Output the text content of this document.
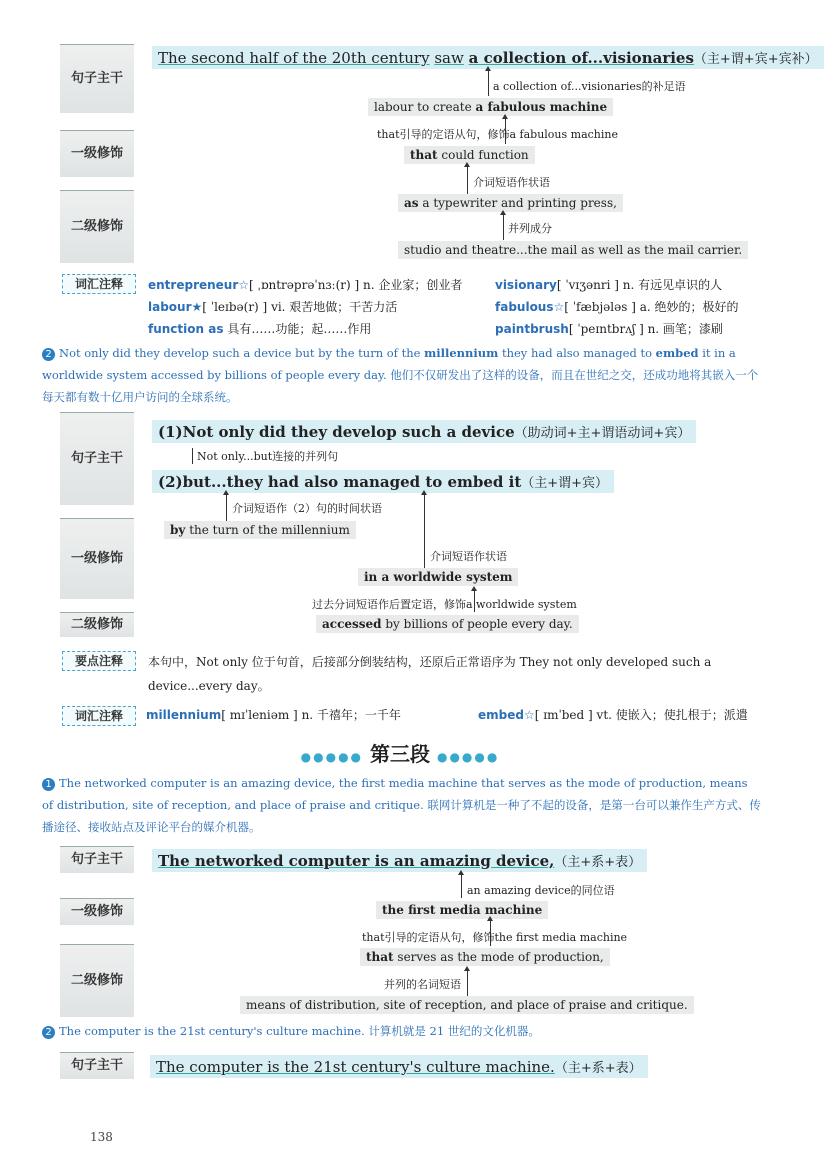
句子主干
The second half of the 20th century saw a collection of...visionaries（主+谓+宾+宾补）
a collection of...visionaries的补足语
labour to create a fabulous machine
一级修饰
that引导的定语从句，修饰a fabulous machine
that could function
介词短语作状语
二级修饰
as a typewriter and printing press,
并列成分
studio and theatre...the mail as well as the mail carrier.
词汇注释	entrepreneur☆[ ˌɒntrəprəˈnɜː(r) ] n. 企业家；创业者	visionary[ ˈvɪʒənri ] n. 有远见卓识的人
labour★[ ˈleɪbə(r) ] vi. 艰苦地做；干苦力活	fabulous☆[ ˈfæbjələs ] a. 绝妙的；极好的
function as 具有……功能；起……作用	paintbrush[ ˈpeɪntbrʌʃ ] n. 画笔；漆刷
2 Not only did they develop such a device but by the turn of the millennium they had also managed to embed it in a worldwide system accessed by billions of people every day. 他们不仅研发出了这样的设备，而且在世纪之交，还成功地将其嵌入一个每天都有数十亿用户访问的全球系统。
句子主干
(1)Not only did they develop such a device（助动词+主+谓语动词+宾）
Not only...but连接的并列句
(2)but...they had also managed to embed it（主+谓+宾）
介词短语作（2）句的时间状语
一级修饰
by the turn of the millennium
介词短语作状语
in a worldwide system
过去分词短语作后置定语，修饰a worldwide system
二级修饰	accessed by billions of people every day.
要点注释	本句中，Not only 位于句首，后接部分倒装结构，还原后正常语序为 They not only developed such a device...every day。
词汇注释	millennium[ mɪˈleniəm ] n. 千禧年；一千年	embed☆[ ɪmˈbed ] vt. 使嵌入；使扎根于；派遣
●●●●● 第三段 ●●●●●
1 The networked computer is an amazing device, the first media machine that serves as the mode of production, means of distribution, site of reception, and place of praise and critique. 联网计算机是一种了不起的设备，是第一台可以兼作生产方式、传播途径、接收站点及评论平台的媒介机器。
句子主干	The networked computer is an amazing device,（主+系+表）
an amazing device的同位语
一级修饰	the first media machine
that引导的定语从句，修饰the first media machine
二级修饰
that serves as the mode of production,
并列的名词短语
means of distribution, site of reception, and place of praise and critique.
2 The computer is the 21st century's culture machine. 计算机就是 21 世纪的文化机器。
句子主干	The computer is the 21st century's culture machine.（主+系+表）
138
